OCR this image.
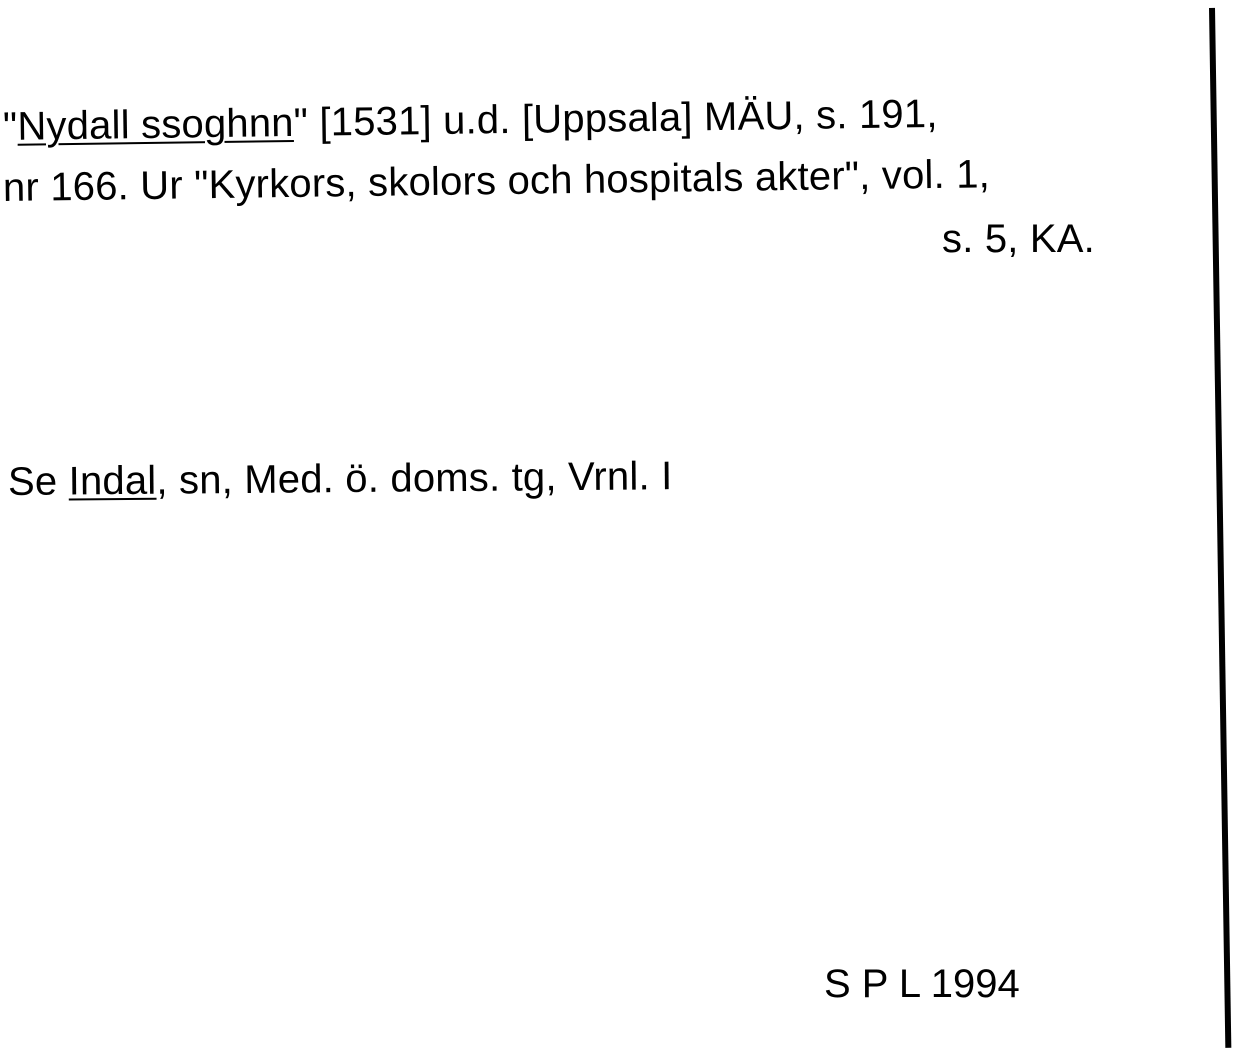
"Nydall ssoghnn" [1531] u.d. [Uppsala] MÄU, s. 191,
nr 166. Ur "Kyrkors, skolors och hospitals akter", vol. 1,
s. 5, KA.
Se Indal, sn, Med. ö. doms. tg, Vrnl. I
S P L 1994
